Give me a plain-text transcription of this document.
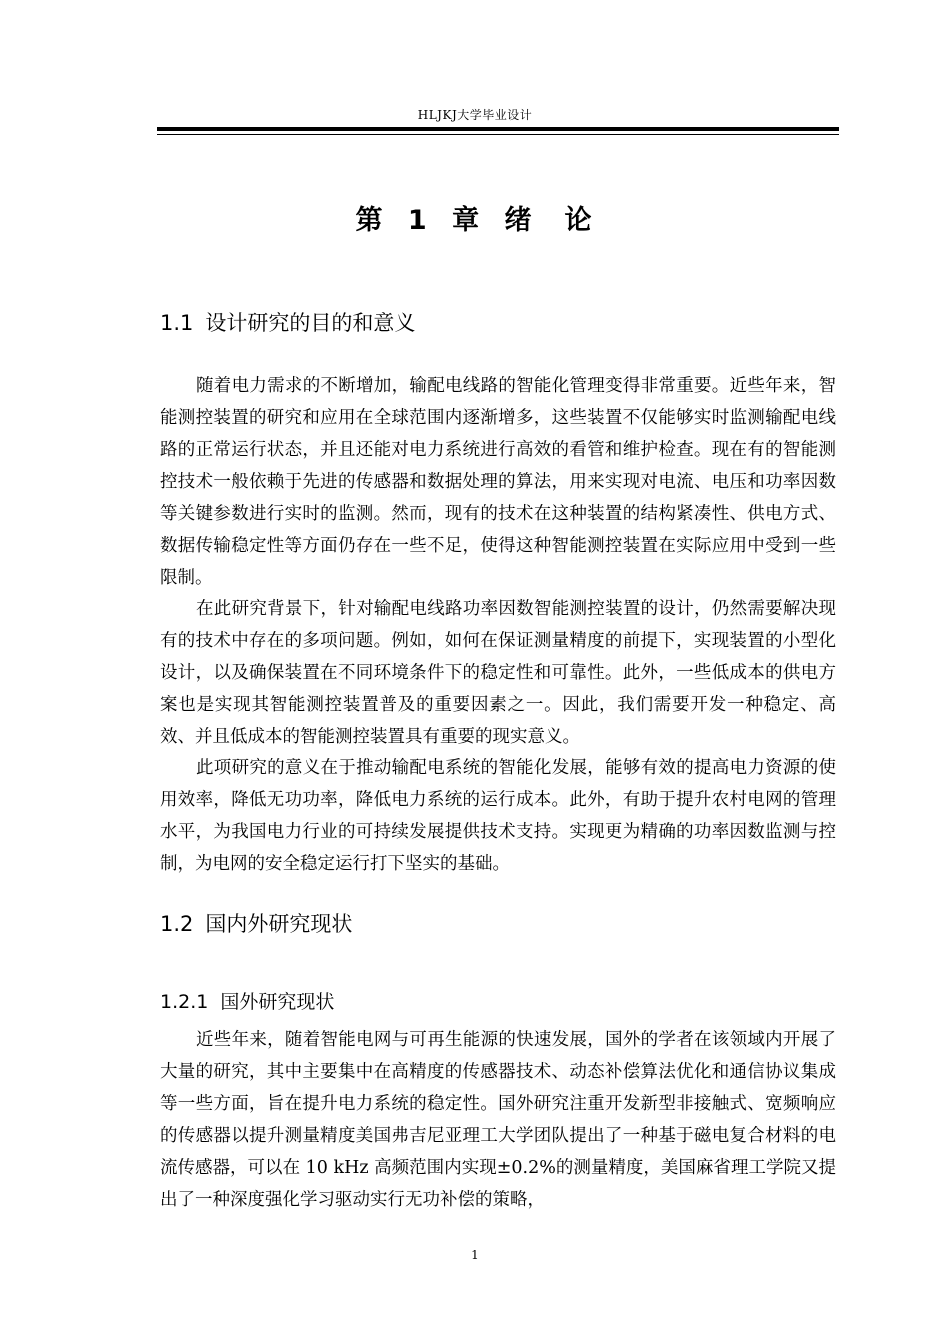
HLJKJ大学毕业设计
第 1 章 绪　论
1.1 设计研究的目的和意义

随着电力需求的不断增加，输配电线路的智能化管理变得非常重要。近些年来，智能测控装置的研究和应用在全球范围内逐渐增多，这些装置不仅能够实时监测输配电线路的正常运行状态，并且还能对电力系统进行高效的看管和维护检查。现在有的智能测控技术一般依赖于先进的传感器和数据处理的算法，用来实现对电流、电压和功率因数等关键参数进行实时的监测。然而，现有的技术在这种装置的结构紧凑性、供电方式、数据传输稳定性等方面仍存在一些不足，使得这种智能测控装置在实际应用中受到一些限制。

在此研究背景下，针对输配电线路功率因数智能测控装置的设计，仍然需要解决现有的技术中存在的多项问题。例如，如何在保证测量精度的前提下，实现装置的小型化设计，以及确保装置在不同环境条件下的稳定性和可靠性。此外，一些低成本的供电方案也是实现其智能测控装置普及的重要因素之一。因此，我们需要开发一种稳定、高效、并且低成本的智能测控装置具有重要的现实意义。

此项研究的意义在于推动输配电系统的智能化发展，能够有效的提高电力资源的使用效率，降低无功功率，降低电力系统的运行成本。此外，有助于提升农村电网的管理水平，为我国电力行业的可持续发展提供技术支持。实现更为精确的功率因数监测与控制，为电网的安全稳定运行打下坚实的基础。

1.2 国内外研究现状
1.2.1 国外研究现状

近些年来，随着智能电网与可再生能源的快速发展，国外的学者在该领域内开展了大量的研究，其中主要集中在高精度的传感器技术、动态补偿算法优化和通信协议集成等一些方面，旨在提升电力系统的稳定性。国外研究注重开发新型非接触式、宽频响应的传感器以提升测量精度美国弗吉尼亚理工大学团队提出了一种基于磁电复合材料的电流传感器，可以在 10 kHz 高频范围内实现±0.2%的测量精度，美国麻省理工学院又提出了一种深度强化学习驱动实行无功补偿的策略，

1
